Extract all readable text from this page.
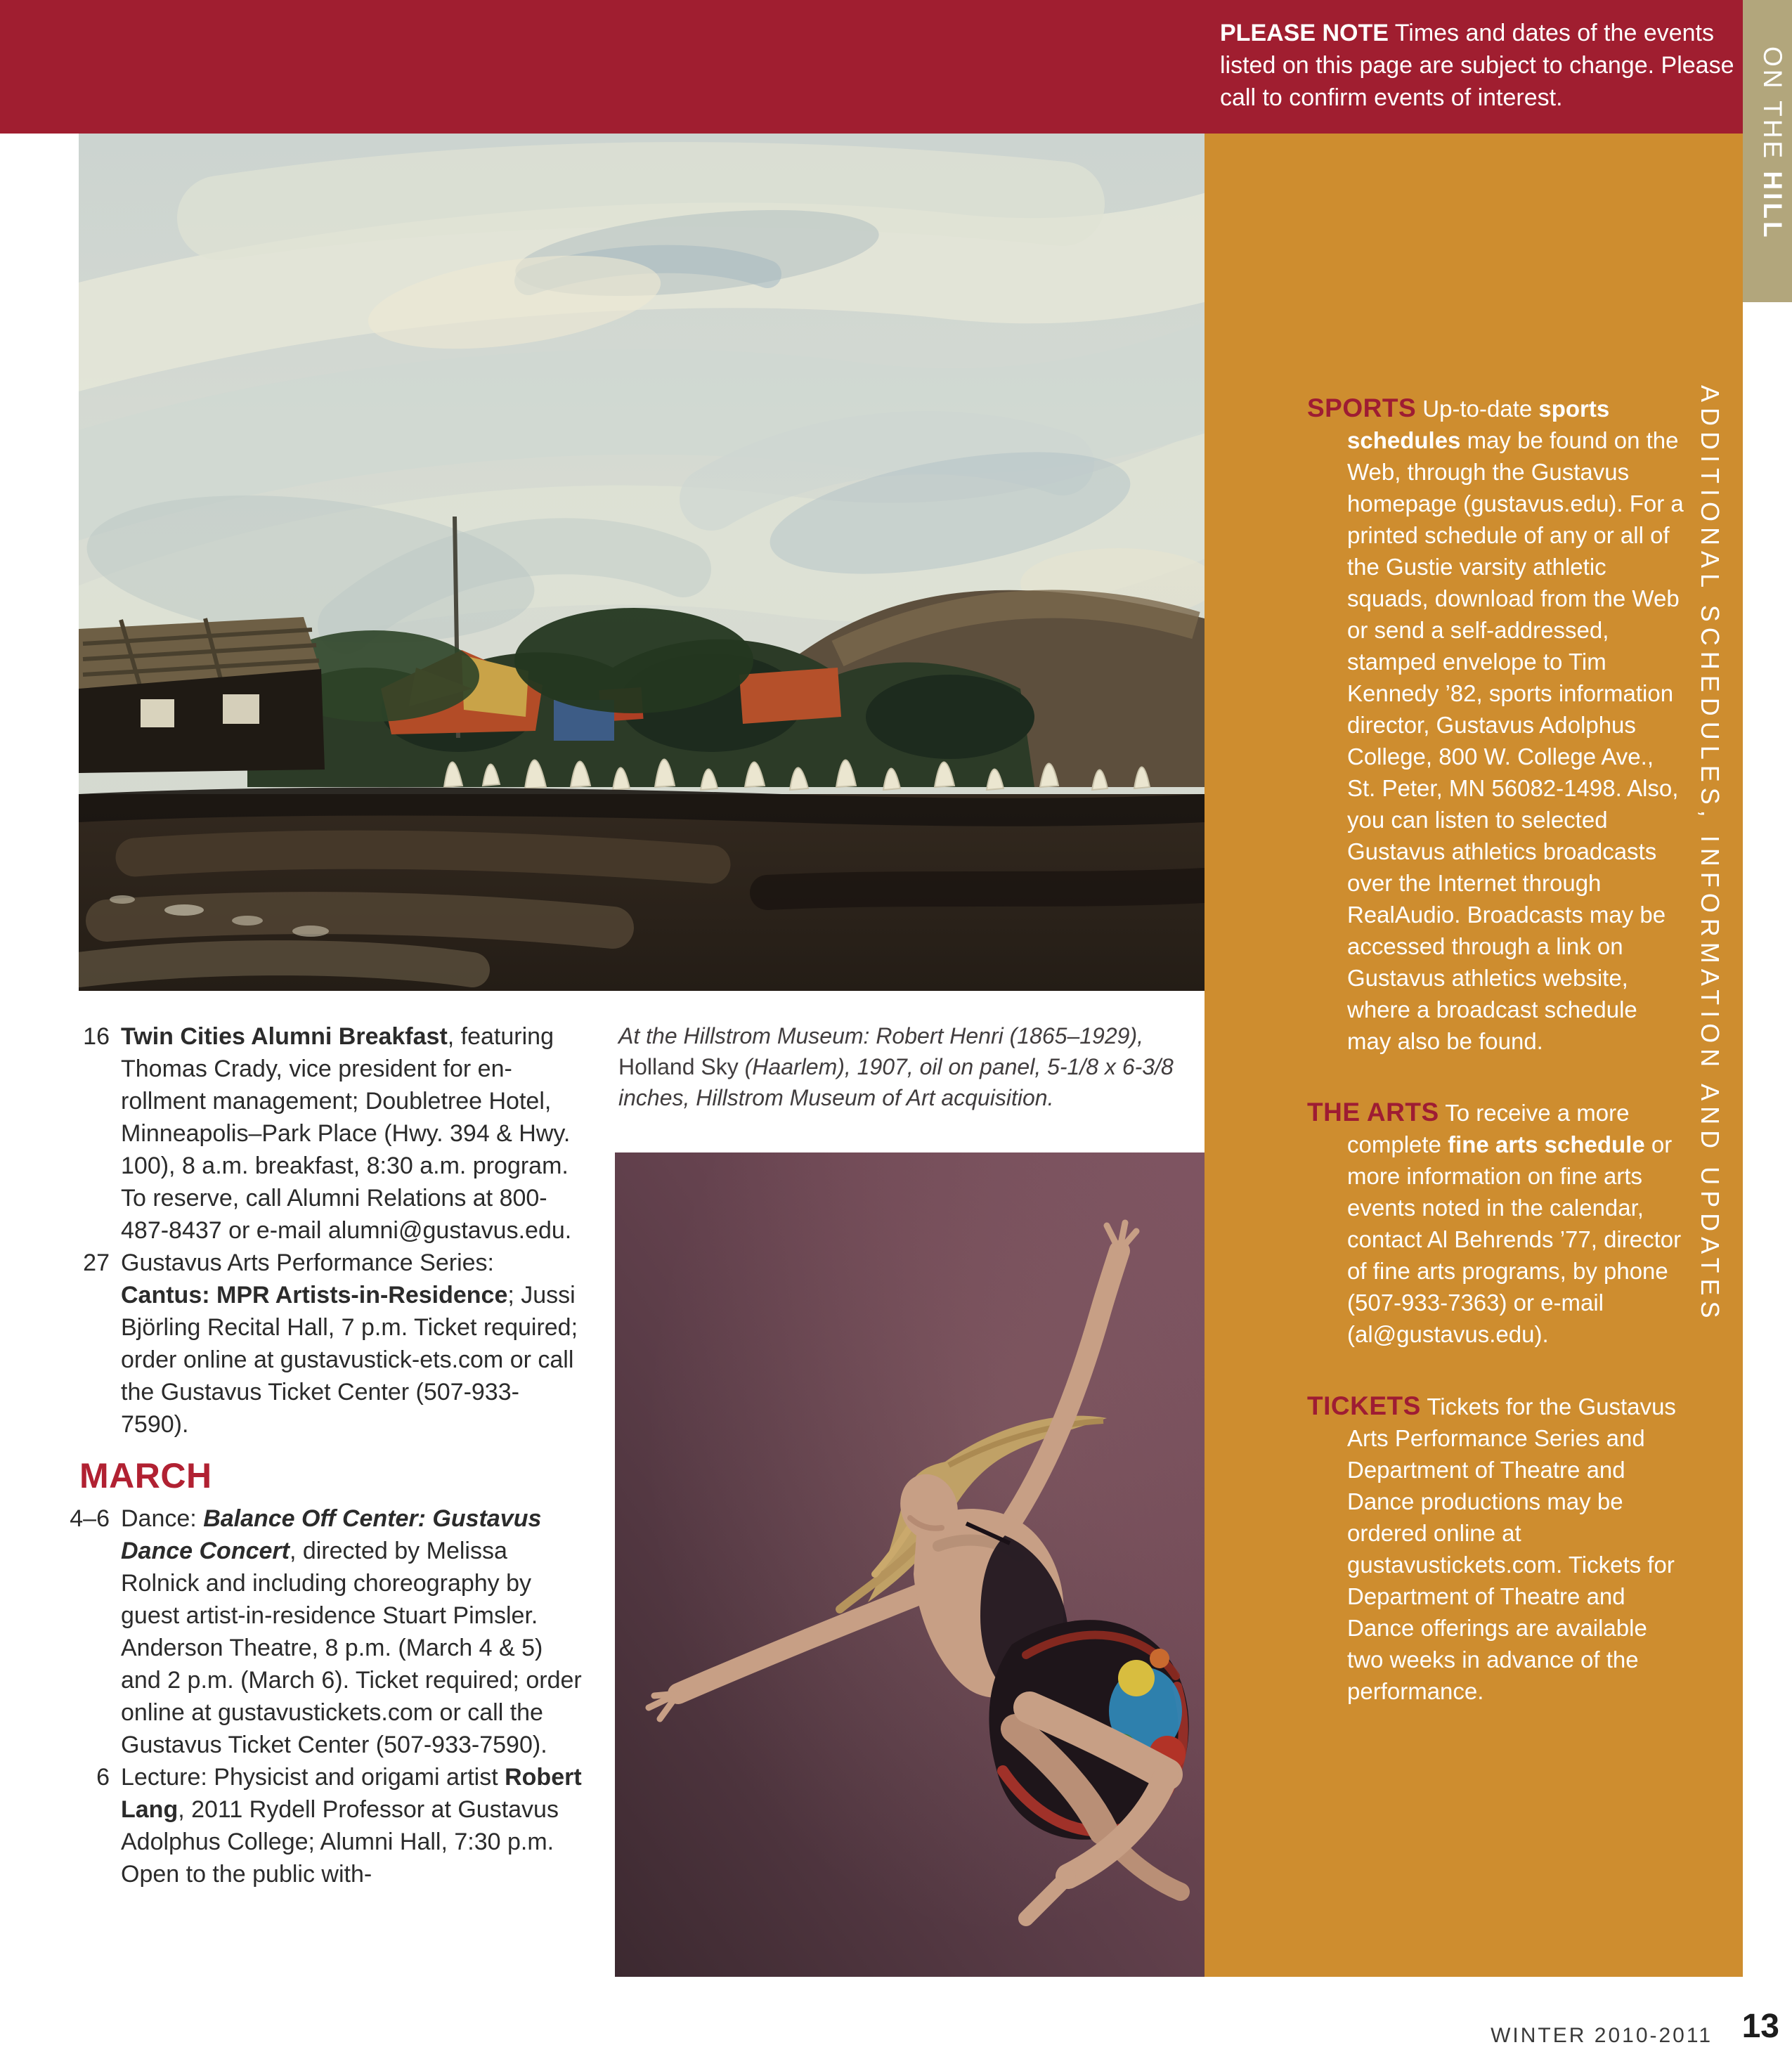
PLEASE NOTE Times and dates of the events listed on this page are subject to change. Please call to confirm events of interest.	ON THE HILL

SPORTS Up-to-date sports schedules may be found on the Web, through the Gustavus homepage (gustavus.edu). For a printed schedule of any or all of the Gustie varsity athletic squads, download from the Web or send a self-addressed, stamped envelope to Tim Kennedy ’82, sports information director, Gustavus Adolphus College, 800 W. College Ave., St. Peter, MN 56082-1498. Also, you can listen to selected Gustavus athletics broadcasts over the Internet through RealAudio. Broadcasts may be accessed through a link on Gustavus athletics website, where a broadcast schedule may also be found.

THE ARTS To receive a more complete fine arts schedule or more information on fine arts events noted in the calendar, contact Al Behrends ’77, director of fine arts programs, by phone (507-933-7363) or e-mail (al@gustavus.edu).

TICKETS Tickets for the Gustavus Arts Performance Series and Department of Theatre and Dance productions may be ordered online at gustavustickets.com. Tickets for Department of Theatre and Dance offerings are available two weeks in advance of the performance.

ADDITIONAL SCHEDULES, INFORMATION AND UPDATES
16 Twin Cities Alumni Breakfast, featuring Thomas Crady, vice president for en-rollment management; Doubletree Hotel, Minneapolis–Park Place (Hwy. 394 & Hwy. 100), 8 a.m. breakfast, 8:30 a.m. program. To reserve, call Alumni Relations at 800-487-8437 or e-mail alumni@gustavus.edu.
27 Gustavus Arts Performance Series: Cantus: MPR Artists-in-Residence; Jussi Björling Recital Hall, 7 p.m. Ticket required; order online at gustavustick-ets.com or call the Gustavus Ticket Center (507-933-7590).
MARCH
4–6 Dance: Balance Off Center: Gustavus Dance Concert, directed by Melissa Rolnick and including choreography by guest artist-in-residence Stuart Pimsler. Anderson Theatre, 8 p.m. (March 4 & 5) and 2 p.m. (March 6). Ticket required; order online at gustavustickets.com or call the Gustavus Ticket Center (507-933-7590).
6 Lecture: Physicist and origami artist Robert Lang, 2011 Rydell Professor at Gustavus Adolphus College; Alumni Hall, 7:30 p.m. Open to the public with-
At the Hillstrom Museum: Robert Henri (1865–1929), Holland Sky (Haarlem), 1907, oil on panel, 5-1/8 x 6-3/8 inches, Hillstrom Museum of Art acquisition.
WINTER 2010-2011 13
